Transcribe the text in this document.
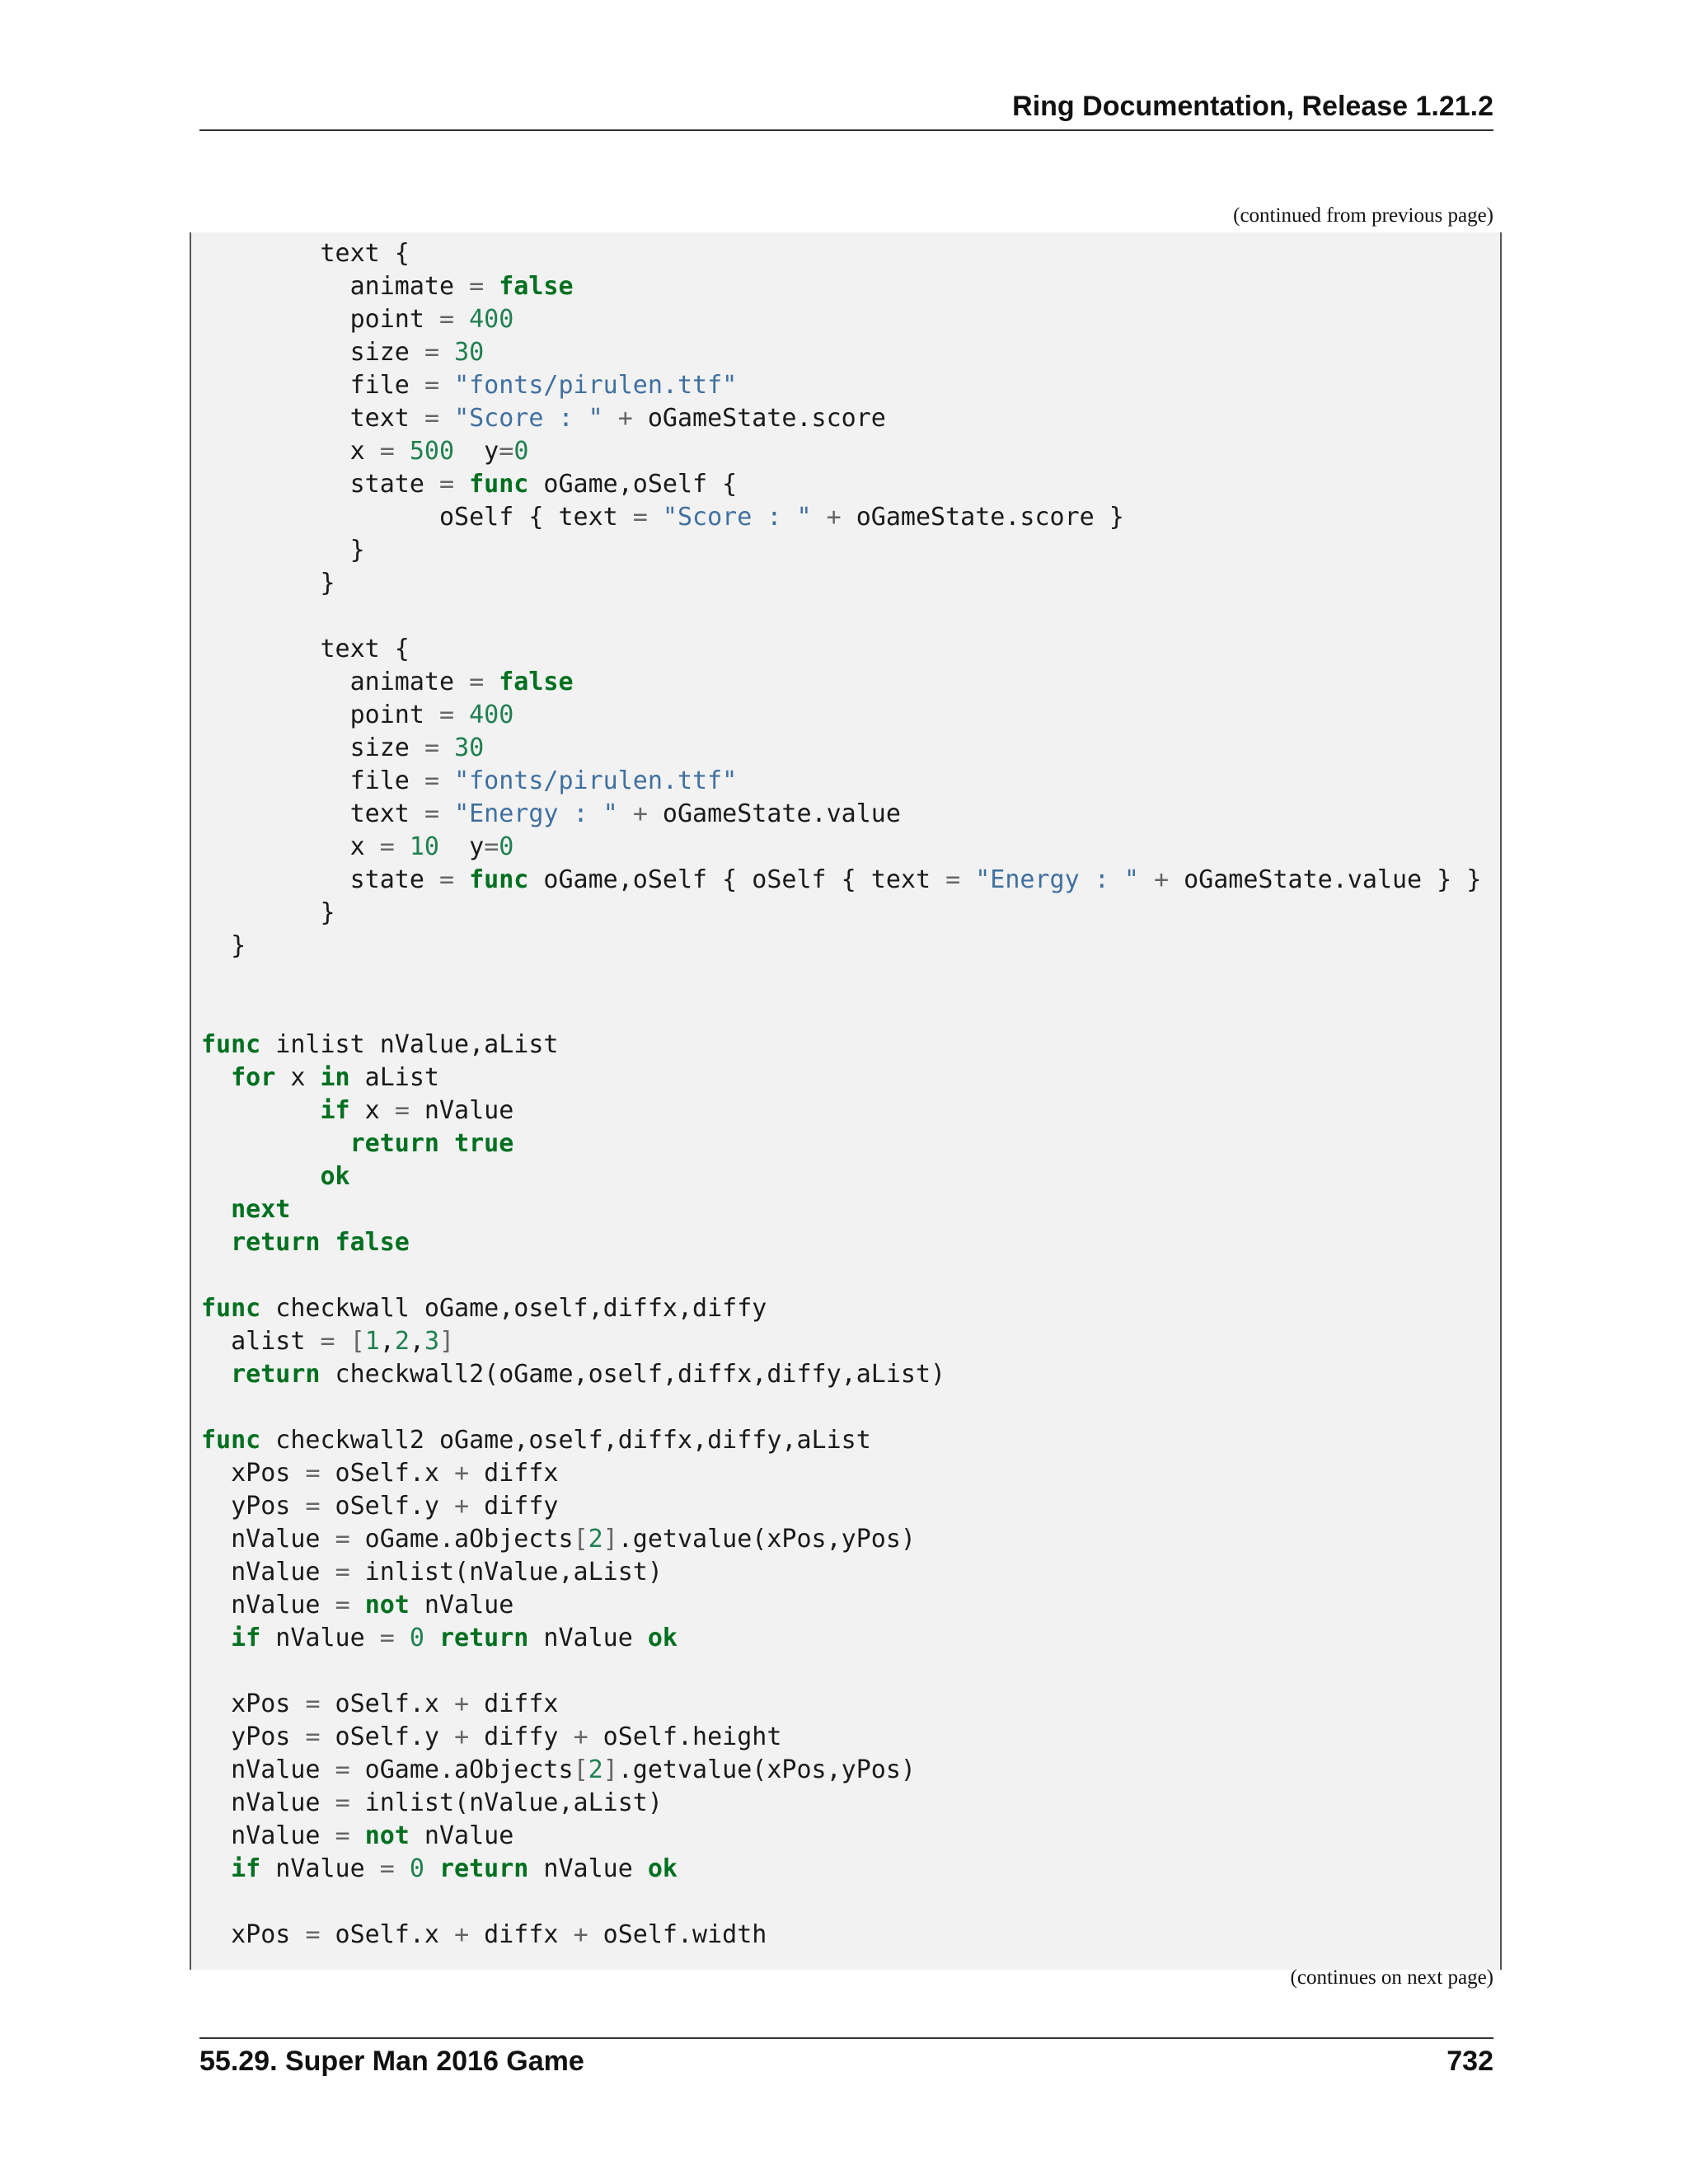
Ring Documentation, Release 1.21.2
(continued from previous page)
text {
animate = false
point = 400
size = 30
file = "fonts/pirulen.ttf"
text = "Score : " + oGameState.score
x = 500  y=0
state = func oGame,oSelf {
oSelf { text = "Score : " + oGameState.score }
}
}
text {
animate = false
point = 400
size = 30
file = "fonts/pirulen.ttf"
text = "Energy : " + oGameState.value
x = 10  y=0
state = func oGame,oSelf { oSelf { text = "Energy : " + oGameState.value } }
}
}
func inlist nValue,aList
for x in aList
if x = nValue
return true
ok
next
return false
func checkwall oGame,oself,diffx,diffy
alist = [1,2,3]
return checkwall2(oGame,oself,diffx,diffy,aList)
func checkwall2 oGame,oself,diffx,diffy,aList
xPos = oSelf.x + diffx
yPos = oSelf.y + diffy
nValue = oGame.aObjects[2].getvalue(xPos,yPos)
nValue = inlist(nValue,aList)
nValue = not nValue
if nValue = 0 return nValue ok
xPos = oSelf.x + diffx
yPos = oSelf.y + diffy + oSelf.height
nValue = oGame.aObjects[2].getvalue(xPos,yPos)
nValue = inlist(nValue,aList)
nValue = not nValue
if nValue = 0 return nValue ok
xPos = oSelf.x + diffx + oSelf.width
(continues on next page)
55.29. Super Man 2016 Game	732
